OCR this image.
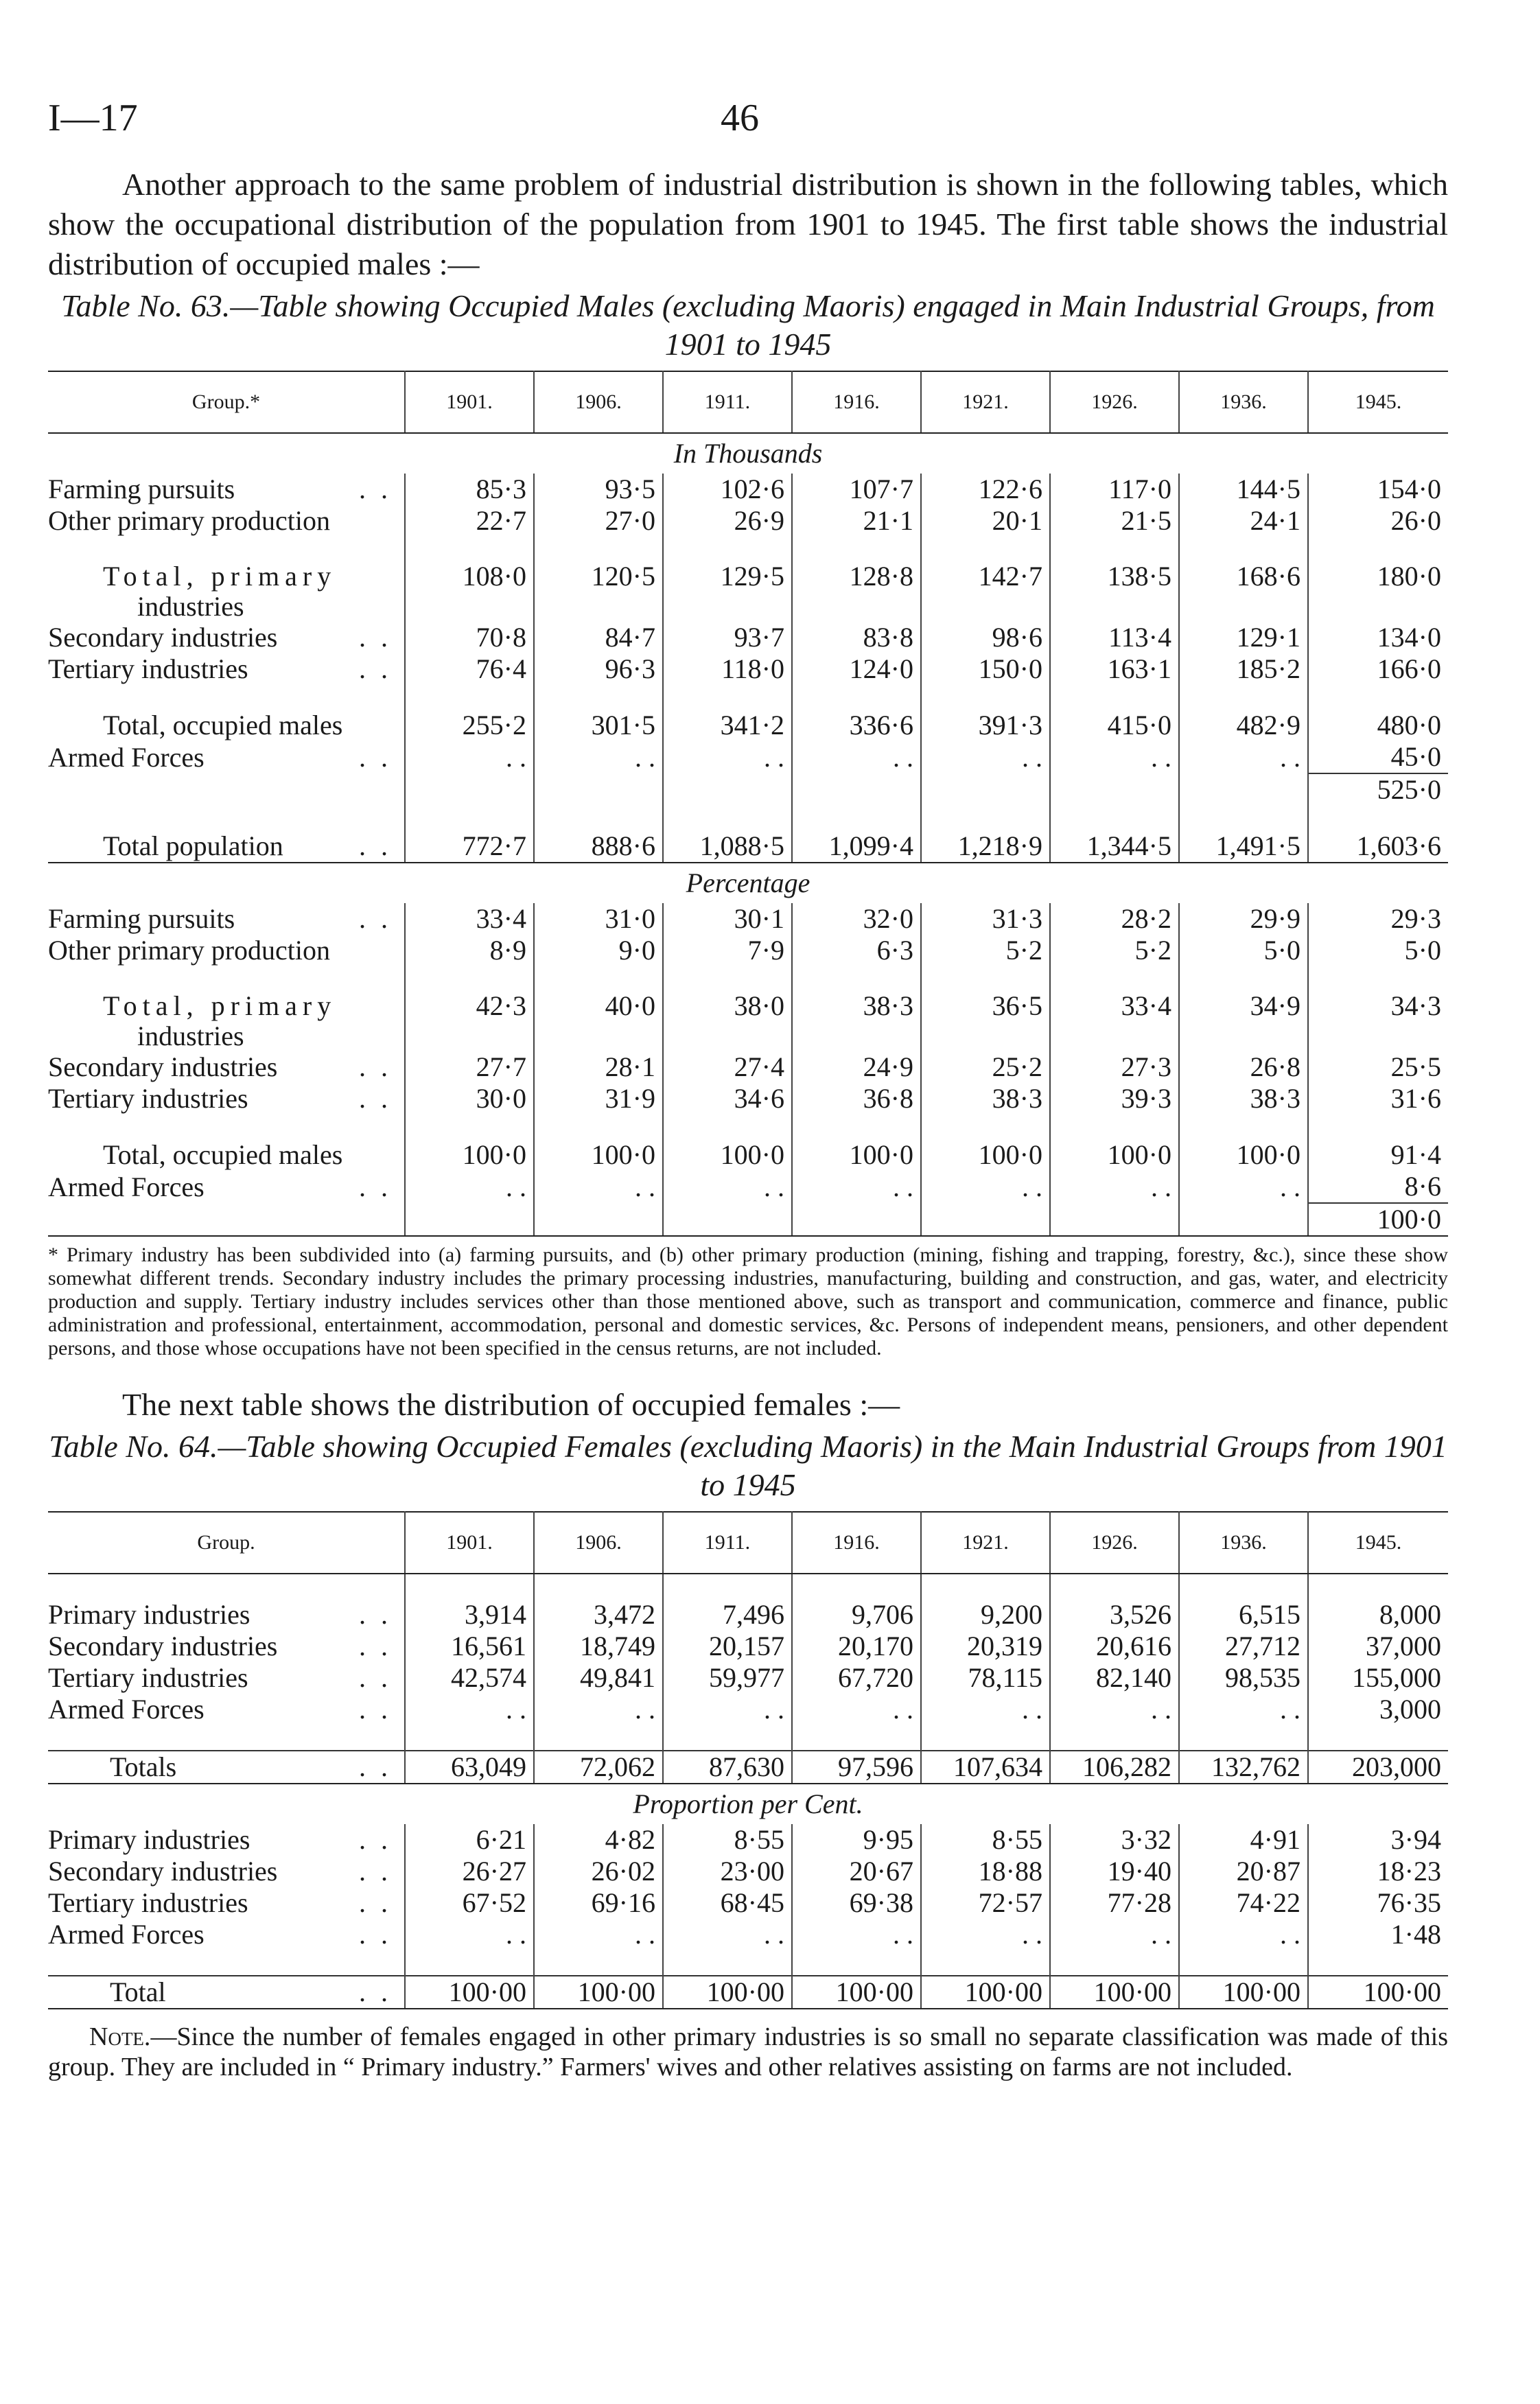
I—17	46

Another approach to the same problem of industrial distribution is shown in the following tables, which show the occupational distribution of the population from 1901 to 1945. The first table shows the industrial distribution of occupied males :—

Table No. 63.—Table showing Occupied Males (excluding Maoris) engaged in Main Industrial Groups, from 1901 to 1945

Group.*	1901.	1906.	1911.	1916.	1921.	1926.	1936.	1945.
In Thousands								
Farming pursuits . .	85·3	93·5	102·6	107·7	122·6	117·0	144·5	154·0
Other primary production	22·7	27·0	26·9	21·1	20·1	21·5	24·1	26·0

Total, primary
industries	108·0	120·5	129·5	128·8	142·7	138·5	168·6	180·0
Secondary industries . .	70·8	84·7	93·7	83·8	98·6	113·4	129·1	134·0
Tertiary industries . .	76·4	96·3	118·0	124·0	150·0	163·1	185·2	166·0

Total, occupied males	255·2	301·5	341·2	336·6	391·3	415·0	482·9	480·0
Armed Forces . .	. .	. .	. .	. .	. .	. .	. .	45·0
								525·0

Total population . .	772·7	888·6	1,088·5	1,099·4	1,218·9	1,344·5	1,491·5	1,603·6
Percentage								
Farming pursuits . .	33·4	31·0	30·1	32·0	31·3	28·2	29·9	29·3
Other primary production	8·9	9·0	7·9	6·3	5·2	5·2	5·0	5·0

Total, primary
industries	42·3	40·0	38·0	38·3	36·5	33·4	34·9	34·3
Secondary industries . .	27·7	28·1	27·4	24·9	25·2	27·3	26·8	25·5
Tertiary industries . .	30·0	31·9	34·6	36·8	38·3	39·3	38·3	31·6

Total, occupied males	100·0	100·0	100·0	100·0	100·0	100·0	100·0	91·4
Armed Forces . .	. .	. .	. .	. .	. .	. .	. .	8·6
								100·0

* Primary industry has been subdivided into (a) farming pursuits, and (b) other primary production (mining, fishing and trapping, forestry, &c.), since these show somewhat different trends. Secondary industry includes the primary processing industries, manufacturing, building and construction, and gas, water, and electricity production and supply. Tertiary industry includes services other than those mentioned above, such as transport and communication, commerce and finance, public administration and professional, entertainment, accommodation, personal and domestic services, &c. Persons of independent means, pensioners, and other dependent persons, and those whose occupations have not been specified in the census returns, are not included.

The next table shows the distribution of occupied females :—

Table No. 64.—Table showing Occupied Females (excluding Maoris) in the Main Industrial Groups from 1901 to 1945

Group.	1901.	1906.	1911.	1916.	1921.	1926.	1936.	1945.

Primary industries . .	3,914	3,472	7,496	9,706	9,200	3,526	6,515	8,000
Secondary industries . .	16,561	18,749	20,157	20,170	20,319	20,616	27,712	37,000
Tertiary industries . .	42,574	49,841	59,977	67,720	78,115	82,140	98,535	155,000
Armed Forces . .	. .	. .	. .	. .	. .	. .	. .	3,000

Totals . .	63,049	72,062	87,630	97,596	107,634	106,282	132,762	203,000
Proportion per Cent.								
Primary industries . .	6·21	4·82	8·55	9·95	8·55	3·32	4·91	3·94
Secondary industries . .	26·27	26·02	23·00	20·67	18·88	19·40	20·87	18·23
Tertiary industries . .	67·52	69·16	68·45	69·38	72·57	77·28	74·22	76·35
Armed Forces . .	. .	. .	. .	. .	. .	. .	. .	1·48

Total . .	100·00	100·00	100·00	100·00	100·00	100·00	100·00	100·00

Note.—Since the number of females engaged in other primary industries is so small no separate classification was made of this group. They are included in “ Primary industry.” Farmers' wives and other relatives assisting on farms are not included.
